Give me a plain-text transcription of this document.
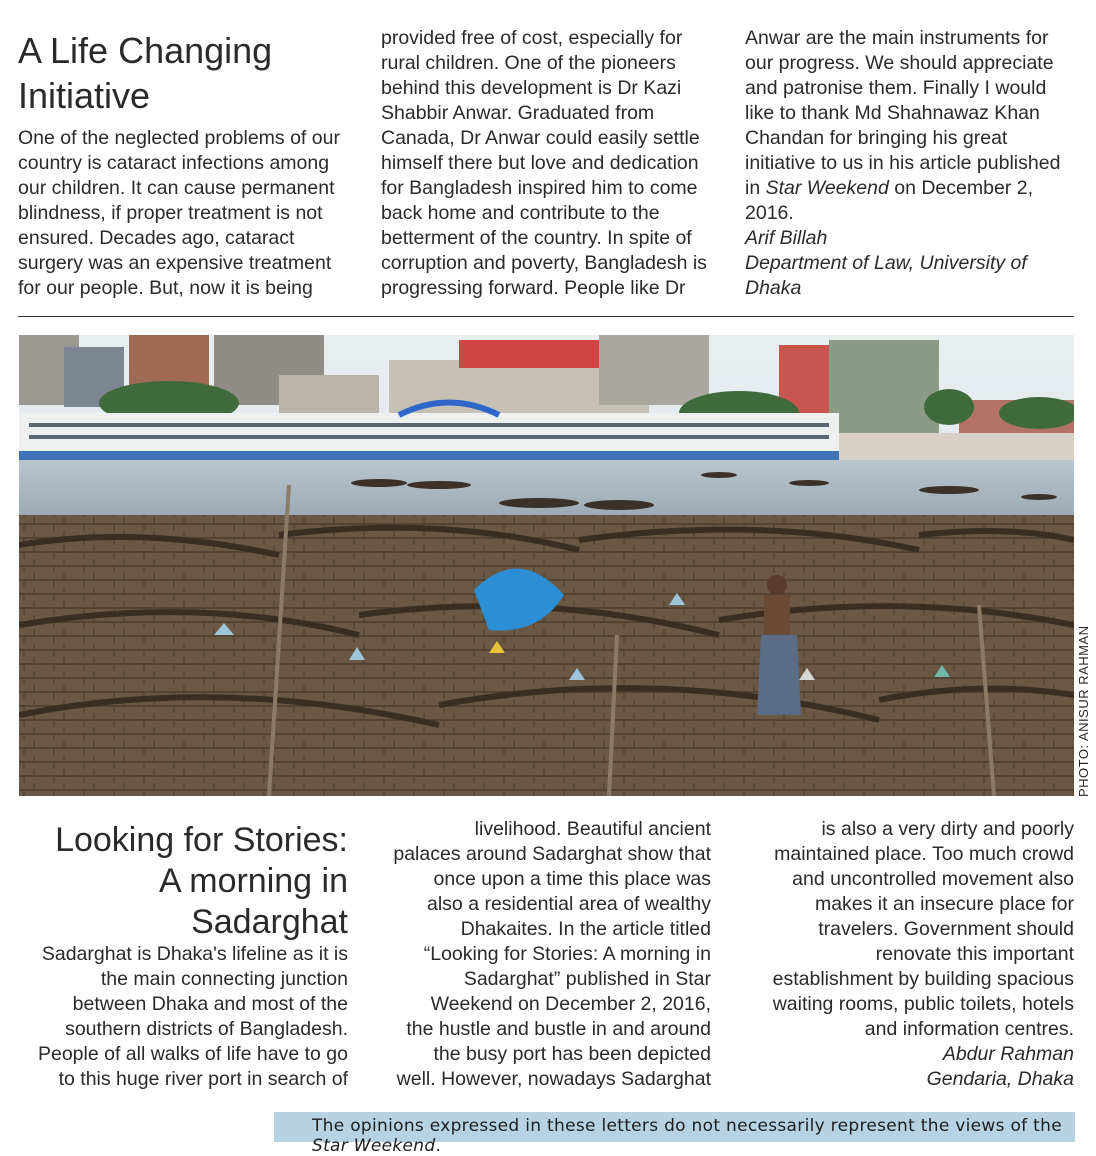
A Life Changing
Initiative

One of the neglected problems of our

country is cataract infections among

our children. It can cause permanent

blindness, if proper treatment is not

ensured. Decades ago, cataract

surgery was an expensive treatment

for our people. But, now it is being

provided free of cost, especially for

rural children. One of the pioneers

behind this development is Dr Kazi

Shabbir Anwar. Graduated from

Canada, Dr Anwar could easily settle

himself there but love and dedication

for Bangladesh inspired him to come

back home and contribute to the

betterment of the country. In spite of

corruption and poverty, Bangladesh is

progressing forward. People like Dr

Anwar are the main instruments for

our progress. We should appreciate

and patronise them. Finally I would

like to thank Md Shahnawaz Khan

Chandan for bringing his great

initiative to us in his article published

in Star Weekend on December 2,

2016.

Arif Billah

Department of Law, University of

Dhaka

PHOTO: ANISUR RAHMAN
Looking for Stories:
A morning in
Sadarghat

Sadarghat is Dhaka's lifeline as it is

the main connecting junction

between Dhaka and most of the

southern districts of Bangladesh.

People of all walks of life have to go

to this huge river port in search of

livelihood. Beautiful ancient

palaces around Sadarghat show that

once upon a time this place was

also a residential area of wealthy

Dhakaites. In the article titled

“Looking for Stories: A morning in

Sadarghat” published in Star

Weekend on December 2, 2016,

the hustle and bustle in and around

the busy port has been depicted

well. However, nowadays Sadarghat

is also a very dirty and poorly

maintained place. Too much crowd

and uncontrolled movement also

makes it an insecure place for

travelers. Government should

renovate this important

establishment by building spacious

waiting rooms, public toilets, hotels

and information centres.

Abdur Rahman

Gendaria, Dhaka

The opinions expressed in these letters do not necessarily represent the views of the Star Weekend.
